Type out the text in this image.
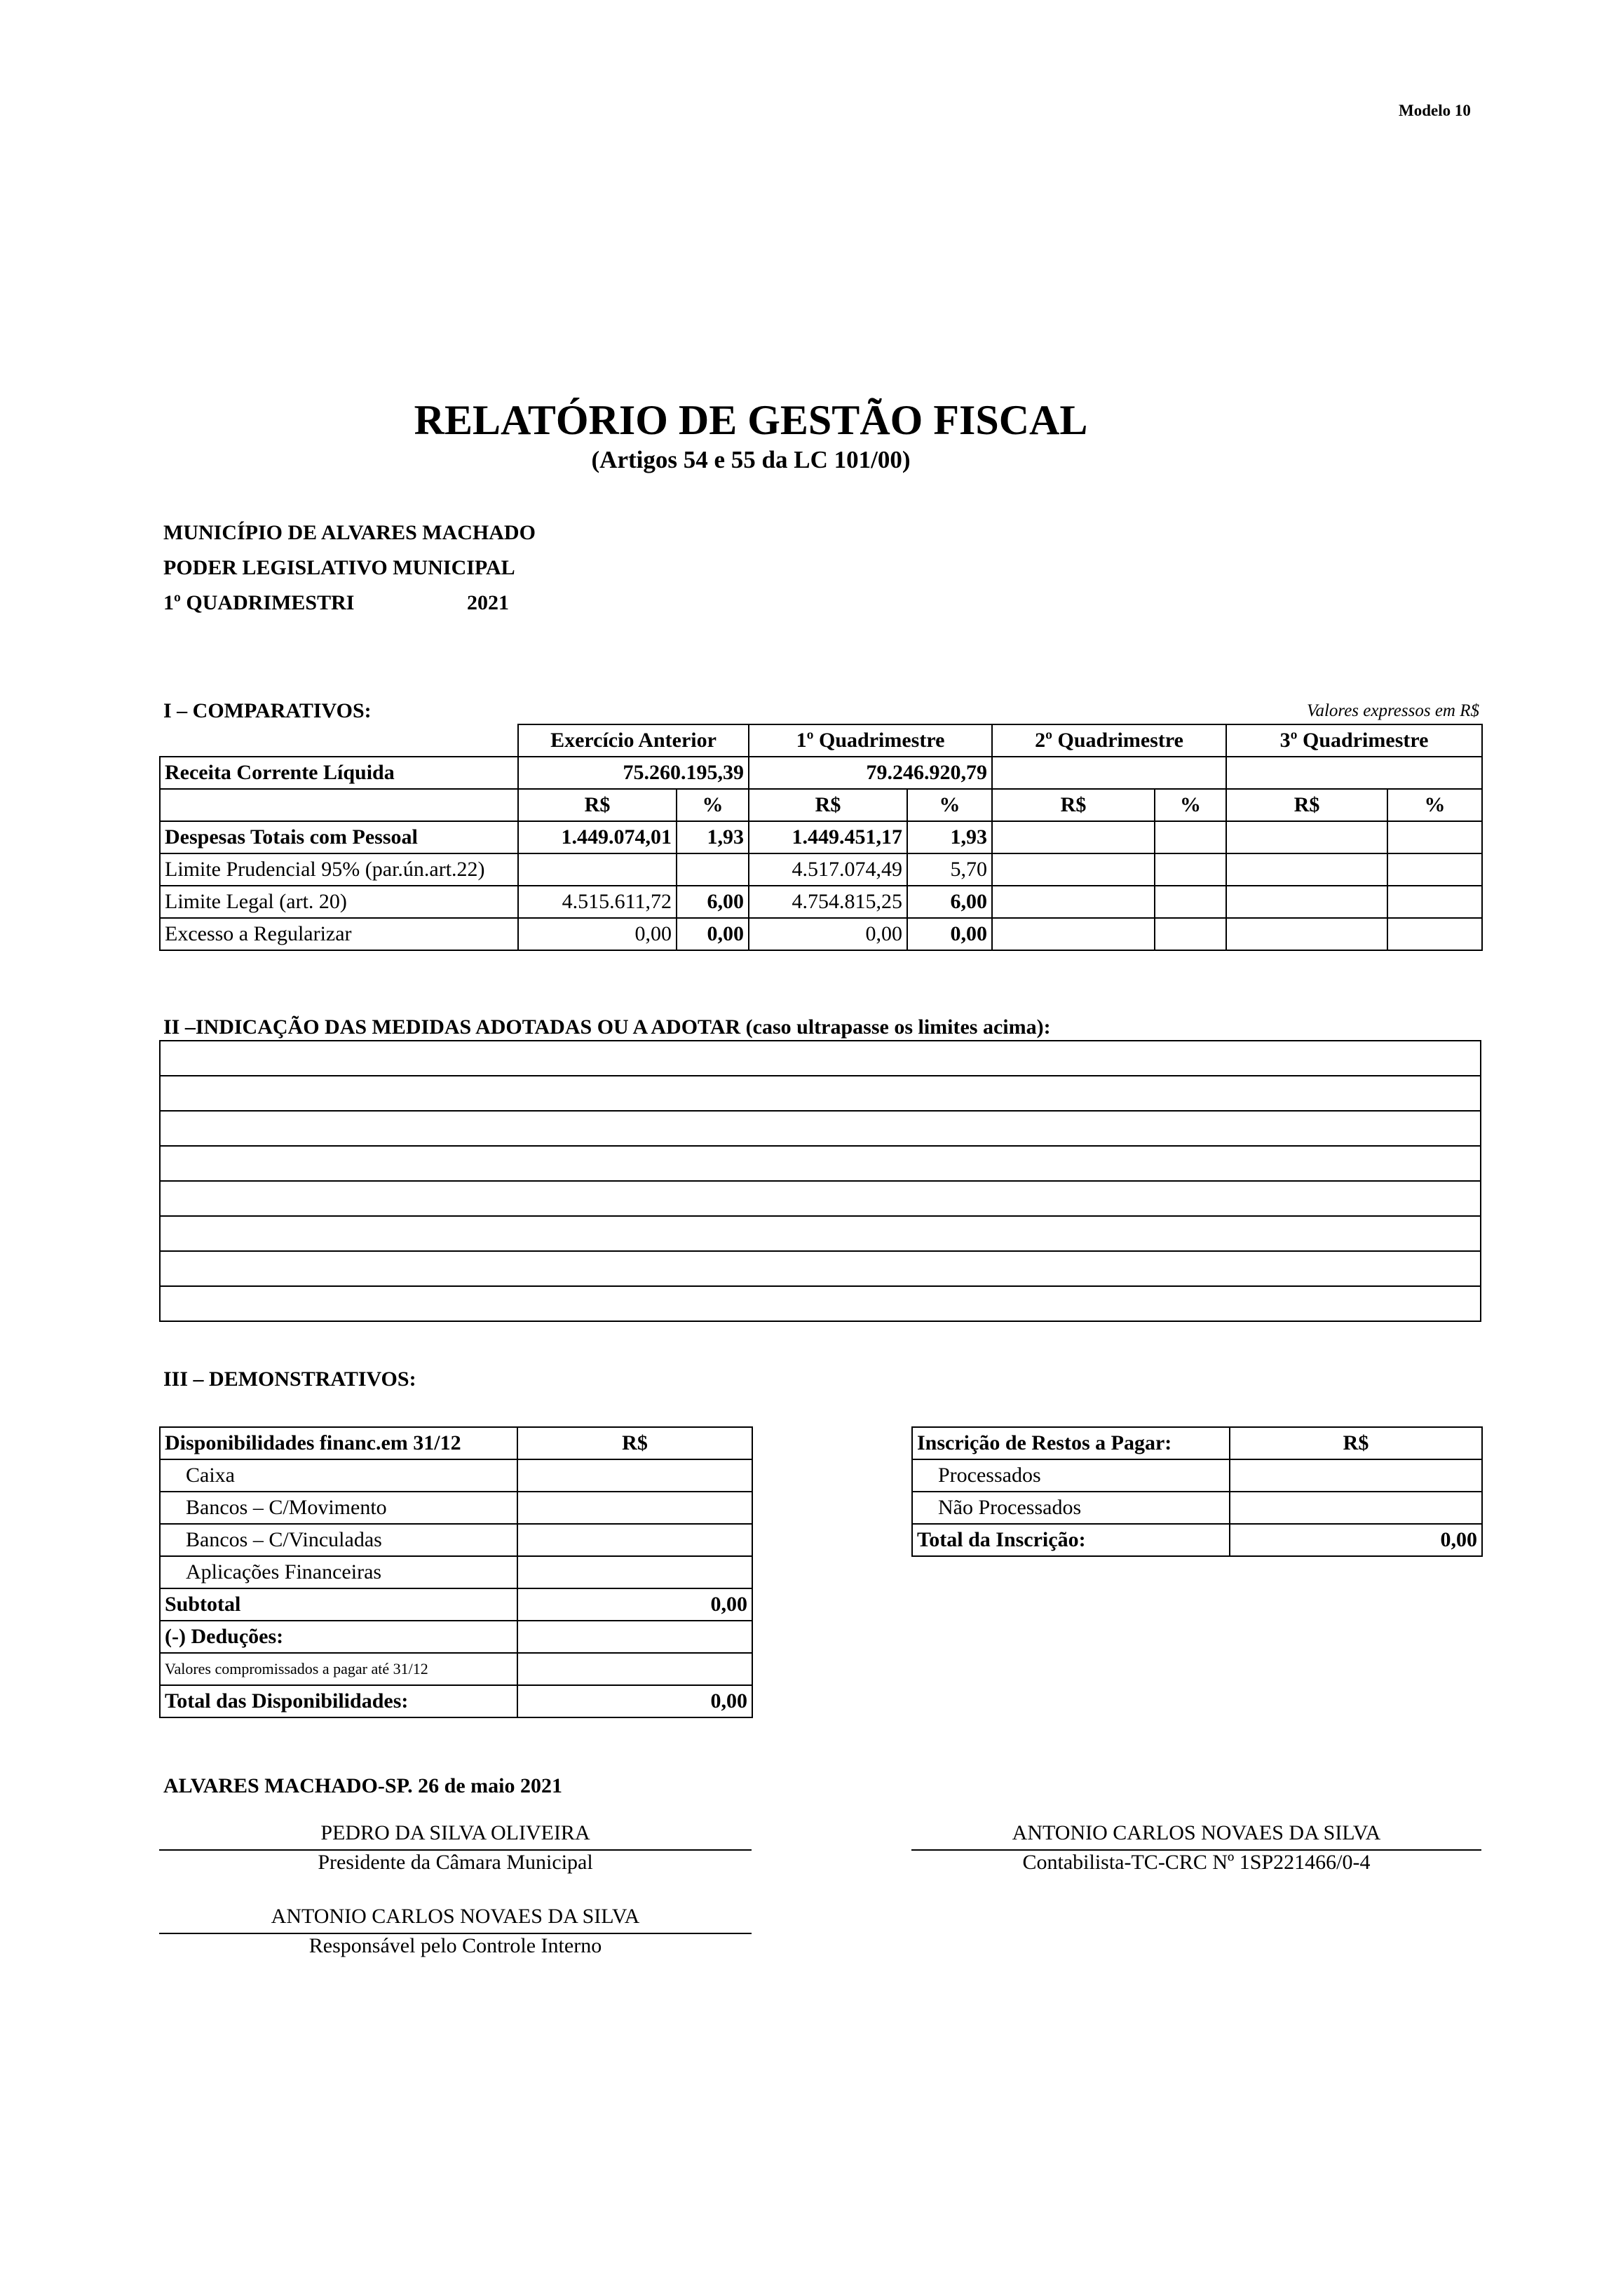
Modelo 10
RELATÓRIO DE GESTÃO FISCAL
(Artigos 54 e 55 da LC 101/00)
MUNICÍPIO DE ALVARES MACHADO
PODER LEGISLATIVO MUNICIPAL
1º QUADRIMESTRI	2021
I – COMPARATIVOS:	Valores expressos em R$
	Exercício Anterior		1º Quadrimestre		2º Quadrimestre		3º Quadrimestre	
Receita Corrente Líquida	75.260.195,39		79.246.920,79					
	R$	%	R$	%	R$	%	R$	%
Despesas Totais com Pessoal	1.449.074,01	1,93	1.449.451,17	1,93				
Limite Prudencial 95% (par.ún.art.22)			4.517.074,49	5,70				
Limite Legal (art. 20)	4.515.611,72	6,00	4.754.815,25	6,00				
Excesso a Regularizar	0,00	0,00	0,00	0,00				
II –INDICAÇÃO DAS MEDIDAS ADOTADAS OU A ADOTAR (caso ultrapasse os limites acima):

III – DEMONSTRATIVOS:
Disponibilidades financ.em 31/12	R$
Caixa	
Bancos – C/Movimento	
Bancos – C/Vinculadas	
Aplicações Financeiras	
Subtotal	0,00
(-) Deduções:	
Valores compromissados a pagar até 31/12	
Total das Disponibilidades:	0,00
Inscrição de Restos a Pagar:	R$
Processados	
Não Processados	
Total da Inscrição:	0,00
ALVARES MACHADO-SP. 26 de maio 2021
PEDRO DA SILVA OLIVEIRA
Presidente da Câmara Municipal
ANTONIO CARLOS NOVAES DA SILVA
Contabilista-TC-CRC Nº 1SP221466/0-4
ANTONIO CARLOS NOVAES DA SILVA
Responsável pelo Controle Interno
